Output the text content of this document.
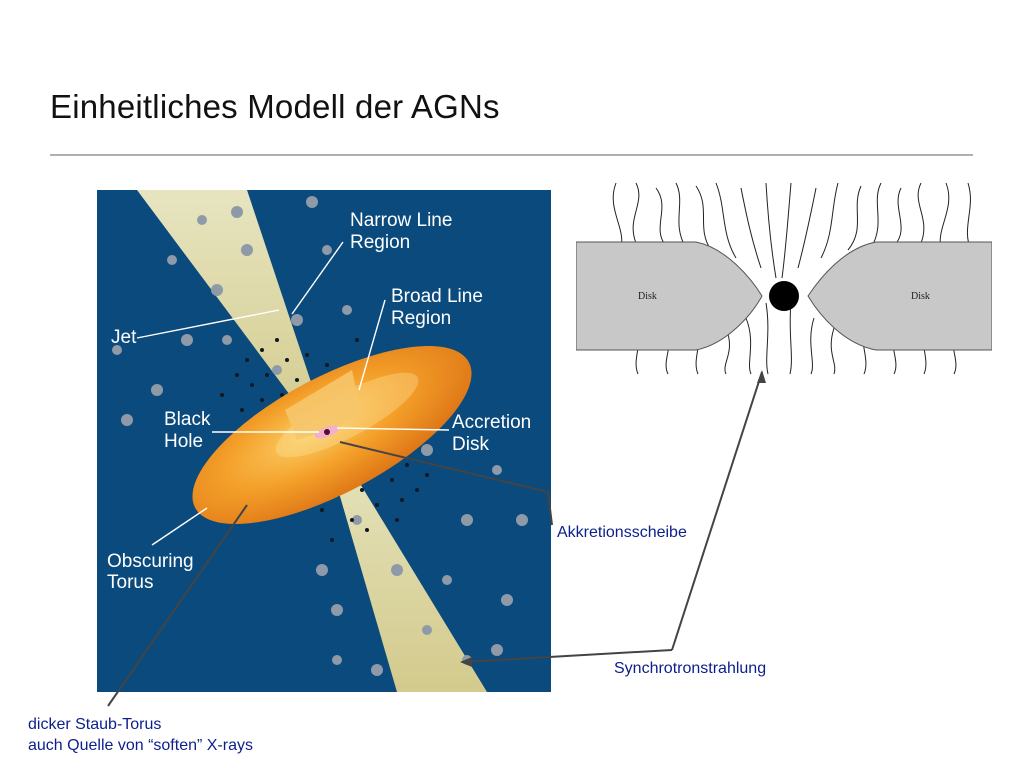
Einheitliches Modell der AGNs
Narrow Line
Region
Broad Line
Region
Jet
Black
Hole
Accretion
Disk
Obscuring
Torus
Disk	Disk
Akkretionsscheibe
Synchrotronstrahlung
dicker Staub-Torus
auch Quelle von “soften” X-rays
